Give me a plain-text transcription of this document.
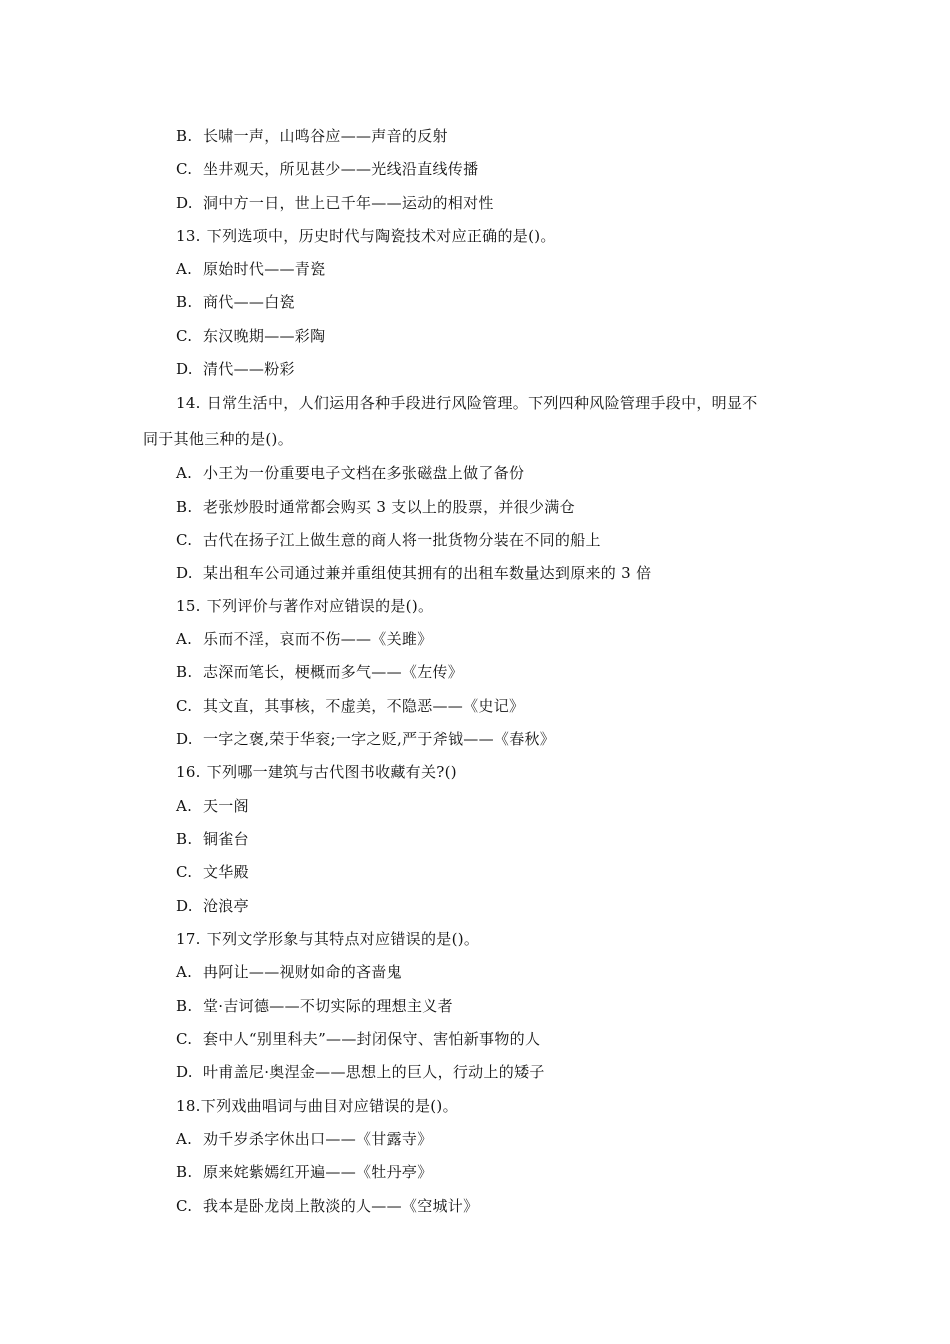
B. 长啸一声，山鸣谷应——声音的反射
C. 坐井观天，所见甚少——光线沿直线传播
D. 洞中方一日，世上已千年——运动的相对性
13. 下列选项中，历史时代与陶瓷技术对应正确的是()。
A. 原始时代——青瓷
B. 商代——白瓷
C. 东汉晚期——彩陶
D. 清代——粉彩
14. 日常生活中，人们运用各种手段进行风险管理。下列四种风险管理手段中，明显不
同于其他三种的是()。
A. 小王为一份重要电子文档在多张磁盘上做了备份
B. 老张炒股时通常都会购买 3 支以上的股票，并很少满仓
C. 古代在扬子江上做生意的商人将一批货物分装在不同的船上
D. 某出租车公司通过兼并重组使其拥有的出租车数量达到原来的 3 倍
15. 下列评价与著作对应错误的是()。
A. 乐而不淫，哀而不伤——《关雎》
B. 志深而笔长，梗概而多气——《左传》
C. 其文直，其事核，不虚美，不隐恶——《史记》
D. 一字之褒,荣于华衮;一字之贬,严于斧钺——《春秋》
16. 下列哪一建筑与古代图书收藏有关?()
A. 天一阁
B. 铜雀台
C. 文华殿
D. 沧浪亭
17. 下列文学形象与其特点对应错误的是()。
A. 冉阿让——视财如命的吝啬鬼
B. 堂·吉诃德——不切实际的理想主义者
C. 套中人“别里科夫”——封闭保守、害怕新事物的人
D. 叶甫盖尼·奥涅金——思想上的巨人，行动上的矮子
18.下列戏曲唱词与曲目对应错误的是()。
A. 劝千岁杀字休出口——《甘露寺》
B. 原来姹紫嫣红开遍——《牡丹亭》
C. 我本是卧龙岗上散淡的人——《空城计》
